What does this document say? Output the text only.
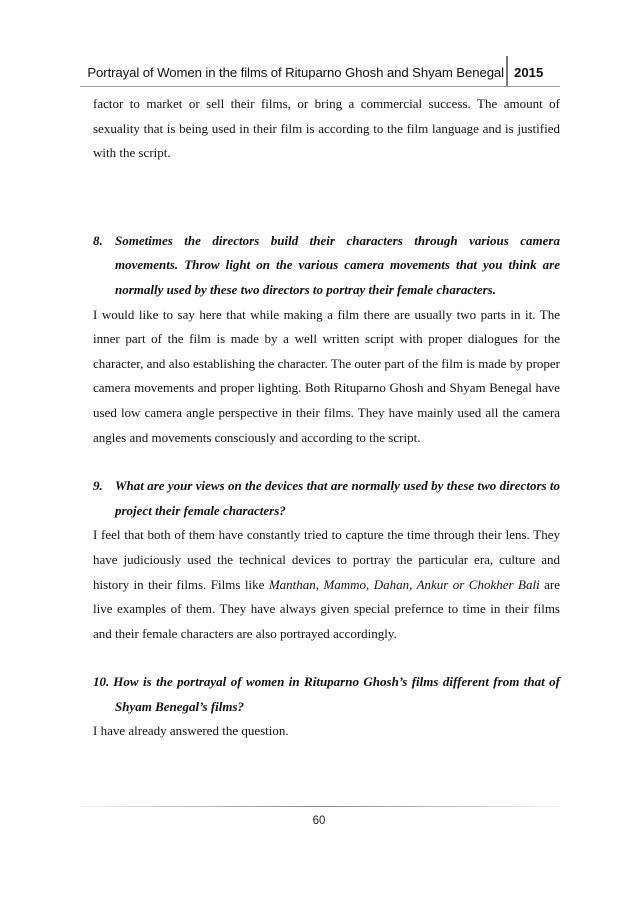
Portrayal of Women in the films of Rituparno Ghosh and Shyam Benegal 2015

factor to market or sell their films, or bring a commercial success. The amount of sexuality that is being used in their film is according to the film language and is justified with the script.

8. Sometimes the directors build their characters through various camera movements. Throw light on the various camera movements that you think are normally used by these two directors to portray their female characters.

I would like to say here that while making a film there are usually two parts in it. The inner part of the film is made by a well written script with proper dialogues for the character, and also establishing the character. The outer part of the film is made by proper camera movements and proper lighting. Both Rituparno Ghosh and Shyam Benegal have used low camera angle perspective in their films. They have mainly used all the camera angles and movements consciously and according to the script.

9. What are your views on the devices that are normally used by these two directors to project their female characters?

I feel that both of them have constantly tried to capture the time through their lens. They have judiciously used the technical devices to portray the particular era, culture and history in their films. Films like Manthan, Mammo, Dahan, Ankur or Chokher Bali are live examples of them. They have always given special prefernce to time in their films and their female characters are also portrayed accordingly.

10. How is the portrayal of women in Rituparno Ghosh’s films different from that of Shyam Benegal’s films?

I have already answered the question.

60
